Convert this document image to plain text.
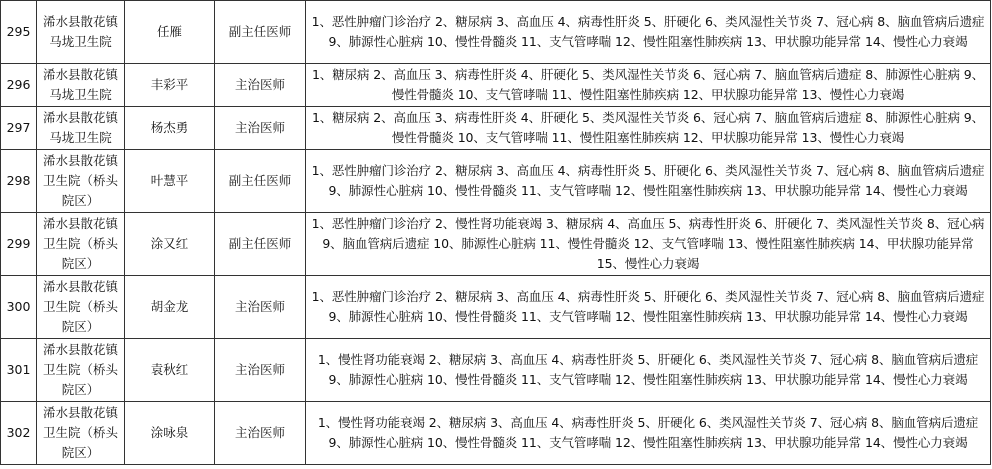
295	浠水县散花镇马垅卫生院	任雁	副主任医师	1、恶性肿瘤门诊治疗 2、糖尿病 3、高血压 4、病毒性肝炎 5、肝硬化 6、类风湿性关节炎 7、冠心病 8、脑血管病后遗症 9、肺源性心脏病 10、慢性骨髓炎 11、支气管哮喘 12、慢性阻塞性肺疾病 13、甲状腺功能异常 14、慢性心力衰竭
296	浠水县散花镇马垅卫生院	丰彩平	主治医师	1、糖尿病 2、高血压 3、病毒性肝炎 4、肝硬化 5、类风湿性关节炎 6、冠心病 7、脑血管病后遗症 8、肺源性心脏病 9、慢性骨髓炎 10、支气管哮喘 11、慢性阻塞性肺疾病 12、甲状腺功能异常 13、慢性心力衰竭
297	浠水县散花镇马垅卫生院	杨杰勇	主治医师	1、糖尿病 2、高血压 3、病毒性肝炎 4、肝硬化 5、类风湿性关节炎 6、冠心病 7、脑血管病后遗症 8、肺源性心脏病 9、慢性骨髓炎 10、支气管哮喘 11、慢性阻塞性肺疾病 12、甲状腺功能异常 13、慢性心力衰竭
298	浠水县散花镇卫生院（桥头院区）	叶慧平	副主任医师	1、恶性肿瘤门诊治疗 2、糖尿病 3、高血压 4、病毒性肝炎 5、肝硬化 6、类风湿性关节炎 7、冠心病 8、脑血管病后遗症 9、肺源性心脏病 10、慢性骨髓炎 11、支气管哮喘 12、慢性阻塞性肺疾病 13、甲状腺功能异常 14、慢性心力衰竭
299	浠水县散花镇卫生院（桥头院区）	涂又红	副主任医师	1、恶性肿瘤门诊治疗 2、慢性肾功能衰竭 3、糖尿病 4、高血压 5、病毒性肝炎 6、肝硬化 7、类风湿性关节炎 8、冠心病 9、脑血管病后遗症 10、肺源性心脏病 11、慢性骨髓炎 12、支气管哮喘 13、慢性阻塞性肺疾病 14、甲状腺功能异常 15、慢性心力衰竭
300	浠水县散花镇卫生院（桥头院区）	胡金龙	主治医师	1、恶性肿瘤门诊治疗 2、糖尿病 3、高血压 4、病毒性肝炎 5、肝硬化 6、类风湿性关节炎 7、冠心病 8、脑血管病后遗症 9、肺源性心脏病 10、慢性骨髓炎 11、支气管哮喘 12、慢性阻塞性肺疾病 13、甲状腺功能异常 14、慢性心力衰竭
301	浠水县散花镇卫生院（桥头院区）	袁秋红	主治医师	1、慢性肾功能衰竭 2、糖尿病 3、高血压 4、病毒性肝炎 5、肝硬化 6、类风湿性关节炎 7、冠心病 8、脑血管病后遗症 9、肺源性心脏病 10、慢性骨髓炎 11、支气管哮喘 12、慢性阻塞性肺疾病 13、甲状腺功能异常 14、慢性心力衰竭
302	浠水县散花镇卫生院（桥头院区）	涂咏泉	主治医师	1、慢性肾功能衰竭 2、糖尿病 3、高血压 4、病毒性肝炎 5、肝硬化 6、类风湿性关节炎 7、冠心病 8、脑血管病后遗症 9、肺源性心脏病 10、慢性骨髓炎 11、支气管哮喘 12、慢性阻塞性肺疾病 13、甲状腺功能异常 14、慢性心力衰竭
